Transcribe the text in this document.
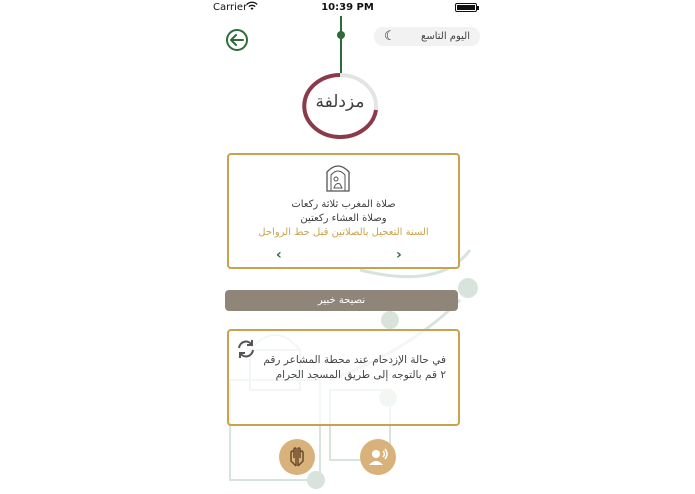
Carrier	10:39 PM
اليوم التاسع
☾
مزدلفة
صلاة المغرب ثلاثة ركعات
وصلاة العشاء ركعتين
السنة التعجيل بالصلاتين قبل حط الرواحل
‹	›
نصيحة خبير
في حالة الإزدحام عند محطة المشاعر رقم
٢ قم بالتوجه إلى طريق المسجد الحرام
